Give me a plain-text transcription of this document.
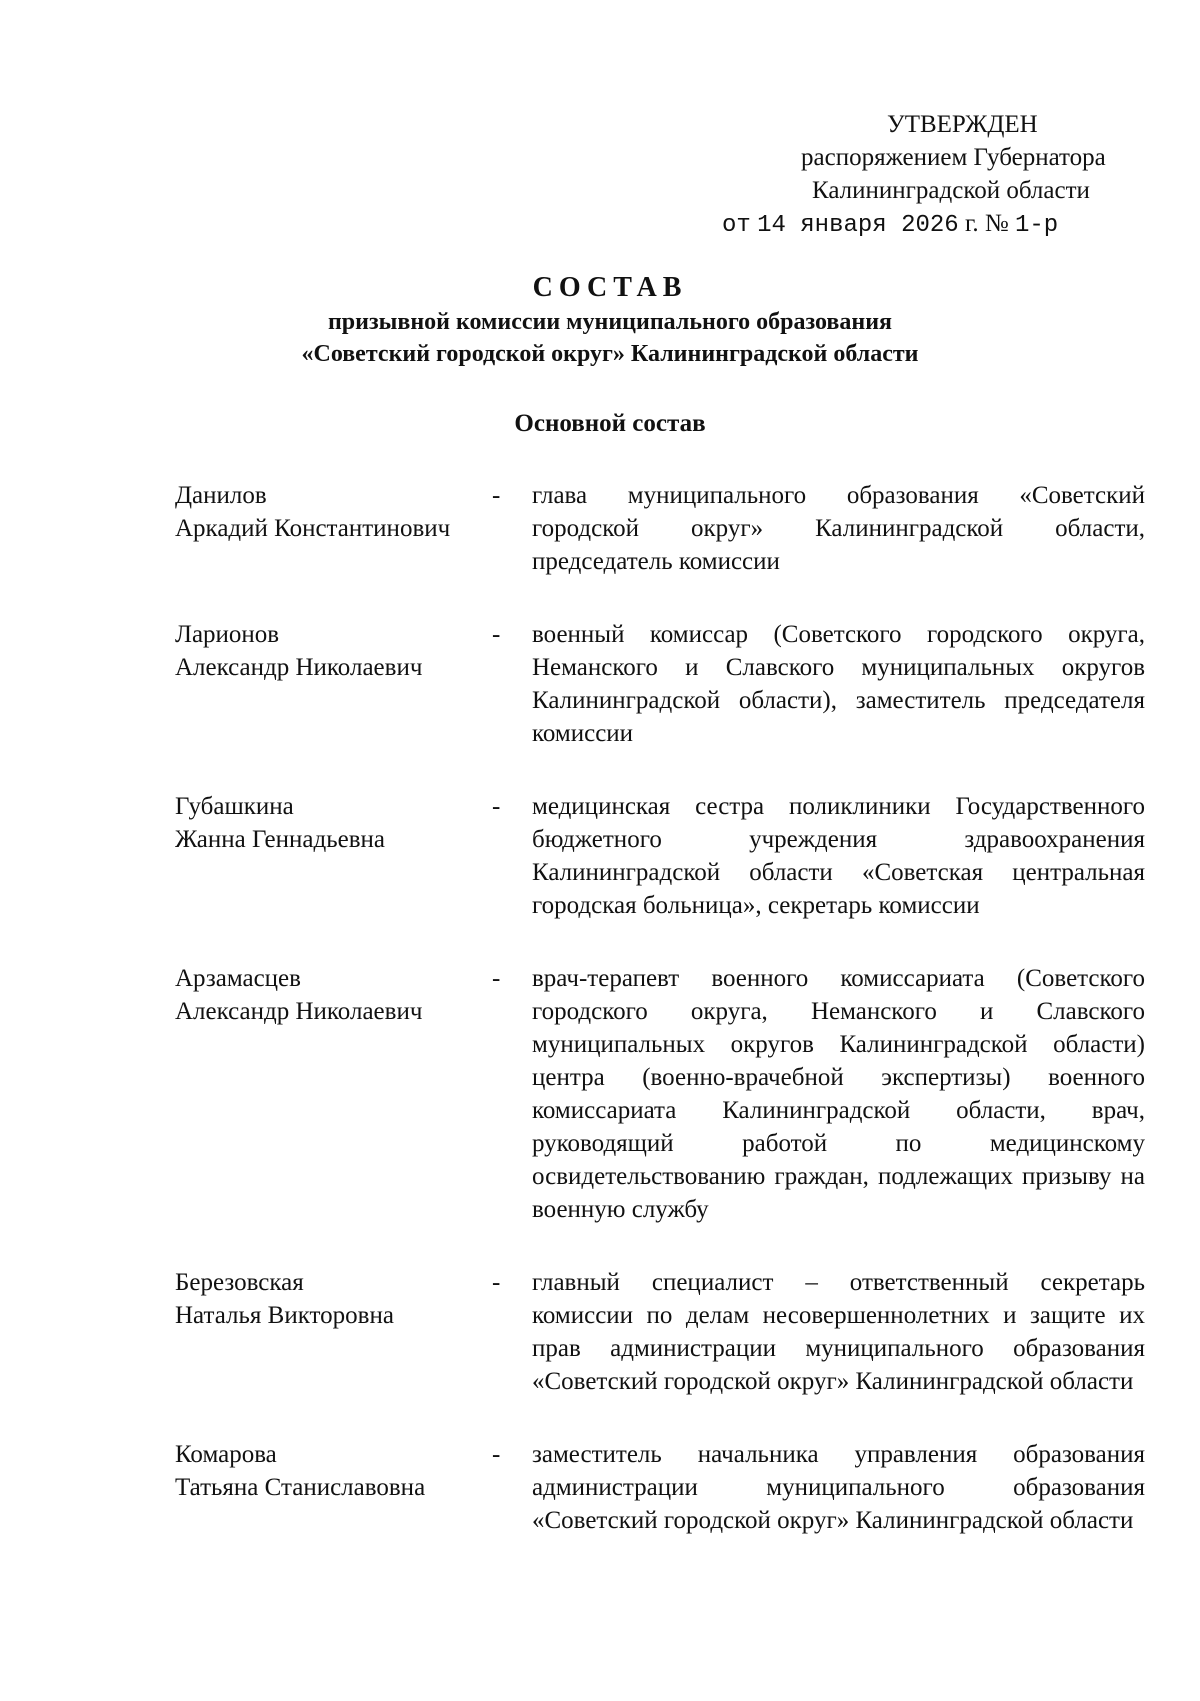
УТВЕРЖДЕН
распоряжением Губернатора
Калининградской области
от 14 января 2026 г. № 1-р
СОСТАВ
призывной комиссии муниципального образования
«Советский городской округ» Калининградской области
Основной состав
Данилов
Аркадий Константинович
-	глава муниципального образования «Советский городской округ» Калининградской области, председатель комиссии
Ларионов
Александр Николаевич
-	военный комиссар (Советского городского округа, Неманского и Славского муниципальных округов Калининградской области), заместитель председателя комиссии
Губашкина
Жанна Геннадьевна
-	медицинская сестра поликлиники Государственного бюджетного учреждения здравоохранения Калининградской области «Советская центральная городская больница», секретарь комиссии
Арзамасцев
Александр Николаевич
-	врач-терапевт военного комиссариата (Советского городского округа, Неманского и Славского муниципальных округов Калининградской области) центра (военно-врачебной экспертизы) военного комиссариата Калининградской области, врач, руководящий работой по медицинскому освидетельствованию граждан, подлежащих призыву на военную службу
Березовская
Наталья Викторовна
-	главный специалист – ответственный секретарь комиссии по делам несовершеннолетних и защите их прав администрации муниципального образования «Советский городской округ» Калининградской области
Комарова
Татьяна Станиславовна
-	заместитель начальника управления образования администрации муниципального образования «Советский городской округ» Калининградской области
